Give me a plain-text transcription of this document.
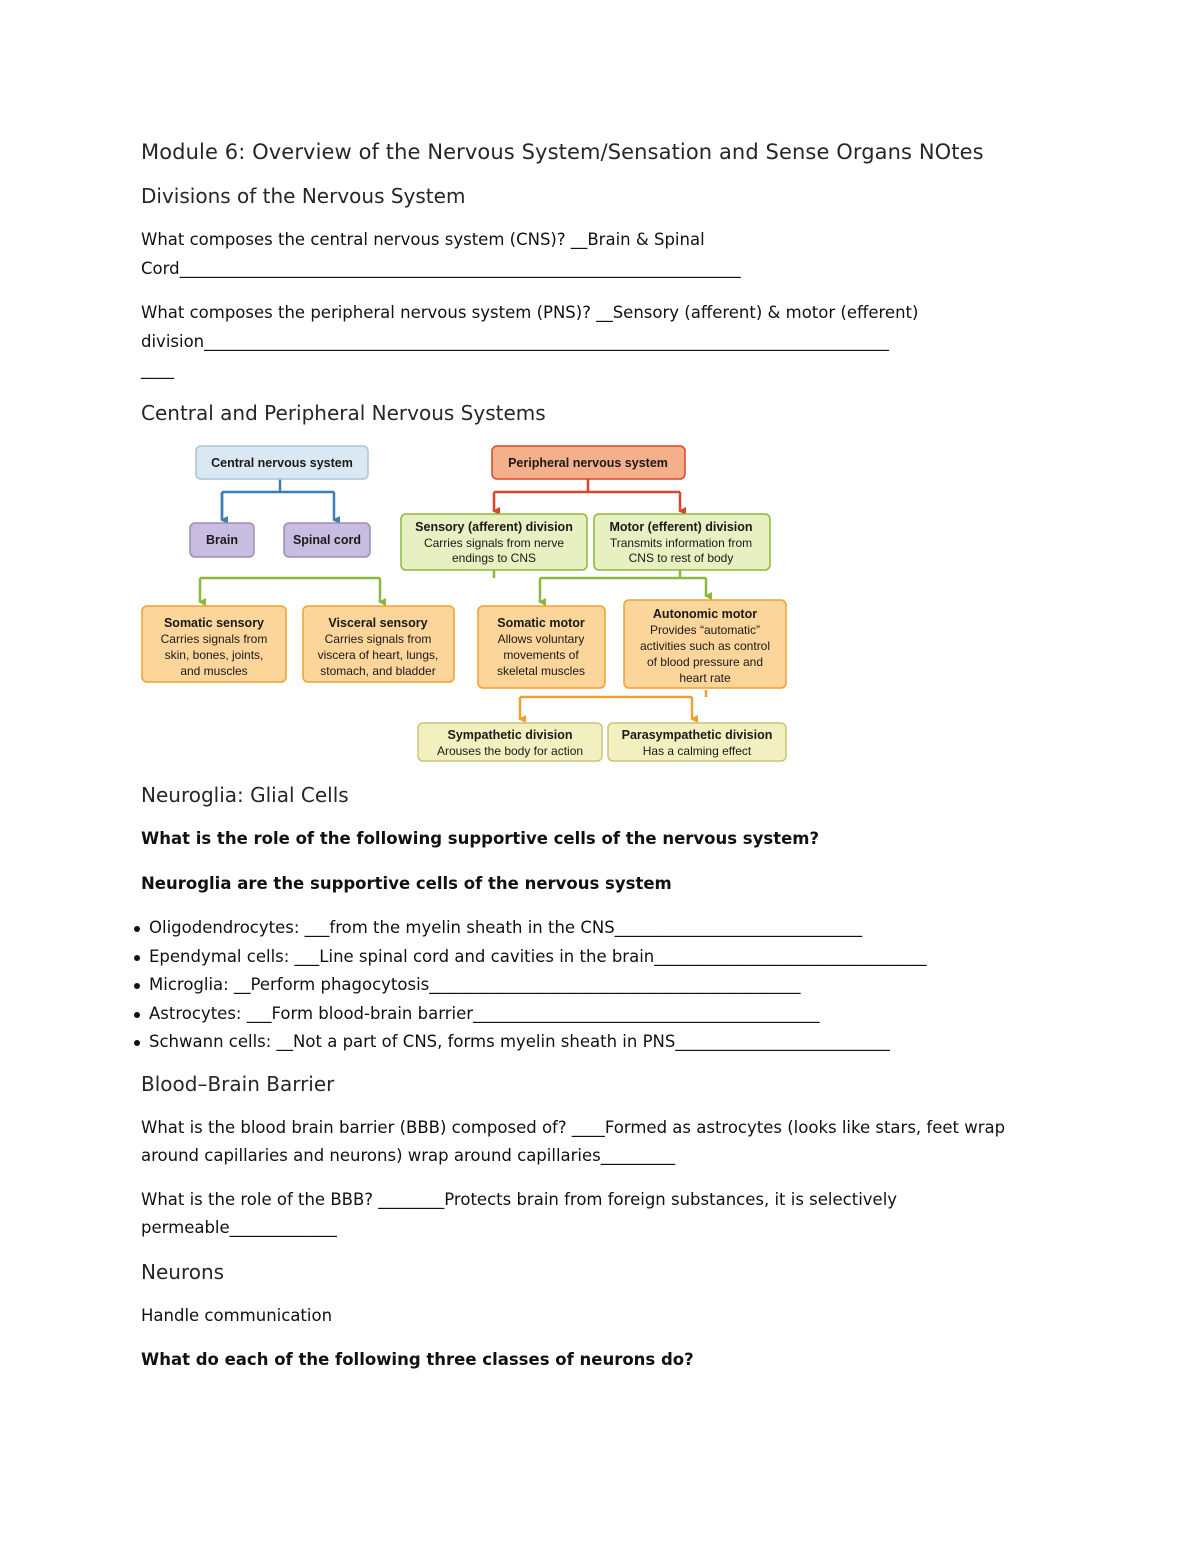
Module 6: Overview of the Nervous System/Sensation and Sense Organs NOtes
Divisions of the Nervous System
What composes the central nervous system (CNS)? __Brain & Spinal
Cord____________________________________________________________________
What composes the peripheral nervous system (PNS)? __Sensory (afferent) & motor (efferent)
division___________________________________________________________________________________
____
Central and Peripheral Nervous Systems
Central nervous system
Brain	Spinal cord
Peripheral nervous system
Sensory (afferent) division
Carries signals from nerve
endings to CNS
Motor (efferent) division
Transmits information from
CNS to rest of body
Somatic sensory
Carries signals from
skin, bones, joints,
and muscles
Visceral sensory
Carries signals from
viscera of heart, lungs,
stomach, and bladder
Somatic motor
Allows voluntary
movements of
skeletal muscles
Autonomic motor
Provides “automatic”
activities such as control
of blood pressure and
heart rate
Sympathetic division
Arouses the body for action
Parasympathetic division
Has a calming effect
Neuroglia: Glial Cells
What is the role of the following supportive cells of the nervous system?
Neuroglia are the supportive cells of the nervous system
Oligodendrocytes: ___from the myelin sheath in the CNS______________________________
Ependymal cells: ___Line spinal cord and cavities in the brain_________________________________
Microglia: __Perform phagocytosis_____________________________________________
Astrocytes: ___Form blood-brain barrier__________________________________________
Schwann cells: __Not a part of CNS, forms myelin sheath in PNS__________________________
Blood–Brain Barrier
What is the blood brain barrier (BBB) composed of? ____Formed as astrocytes (looks like stars, feet wrap
around capillaries and neurons) wrap around capillaries_________
What is the role of the BBB? ________Protects brain from foreign substances, it is selectively
permeable_____________
Neurons
Handle communication
What do each of the following three classes of neurons do?
